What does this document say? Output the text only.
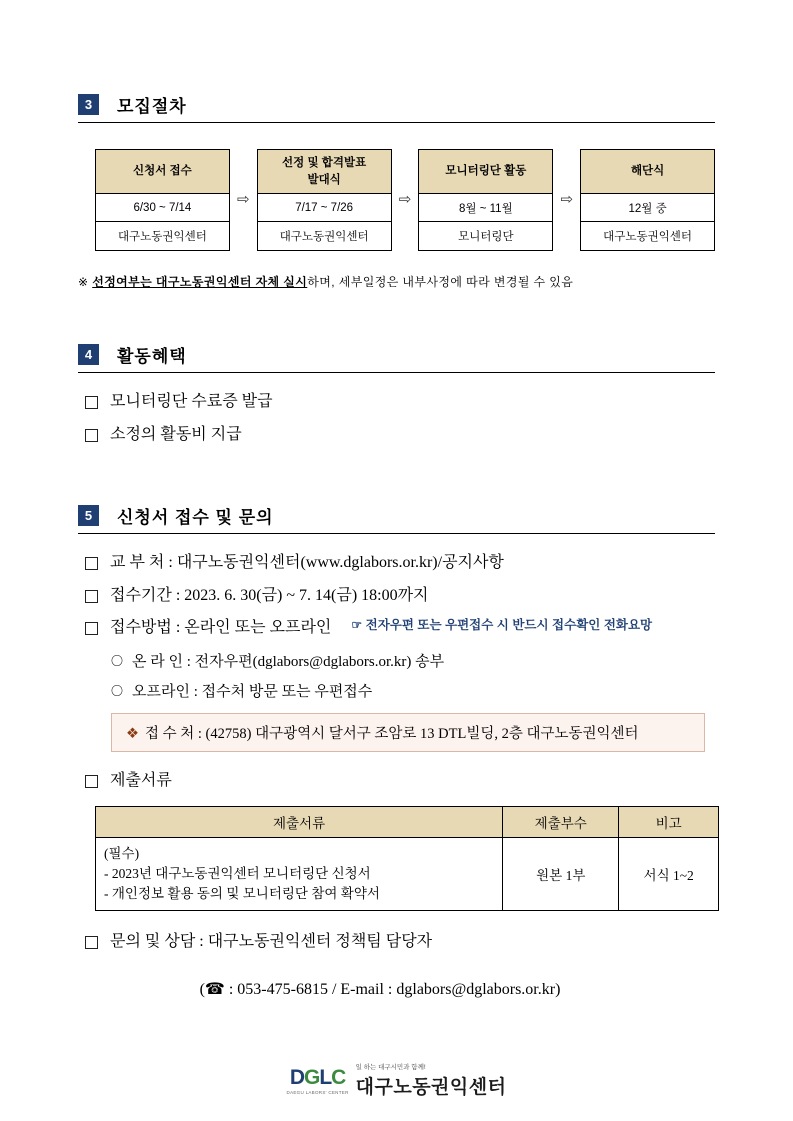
3	모집절차
신청서 접수
6/30 ~ 7/14
대구노동권익센터
⇨
선정 및 합격발표
발대식
7/17 ~ 7/26
대구노동권익센터
⇨
모니터링단 활동
8월 ~ 11월
모니터링단
⇨
해단식
12월 중
대구노동권익센터
※ 선정여부는 대구노동권익센터 자체 실시하며, 세부일정은 내부사정에 따라 변경될 수 있음
4	활동혜택
모니터링단 수료증 발급
소정의 활동비 지급
5	신청서 접수 및 문의
교 부 처 : 대구노동권익센터(www.dglabors.or.kr)/공지사항
접수기간 : 2023. 6. 30(금) ~ 7. 14(금) 18:00까지
접수방법 : 온라인 또는 오프라인 ☞ 전자우편 또는 우편접수 시 반드시 접수확인 전화요망
〇 온 라 인 : 전자우편(dglabors@dglabors.or.kr) 송부
〇 오프라인 : 접수처 방문 또는 우편접수
❖ 접 수 처 : (42758) 대구광역시 달서구 조암로 13 DTL빌딩, 2층 대구노동권익센터
제출서류
제출서류	제출부수	비고

(필수)
- 2023년 대구노동권익센터 모니터링단 신청서
- 개인정보 활용 동의 및 모니터링단 참여 확약서	원본 1부	서식 1~2
문의 및 상담 : 대구노동권익센터 정책팀 담당자
(☎ : 053-475-6815 / E-mail : dglabors@dglabors.or.kr)
DGLC
DAEGU LABORS' CENTER
일 하는 대구시민과 함께!
대구노동권익센터
